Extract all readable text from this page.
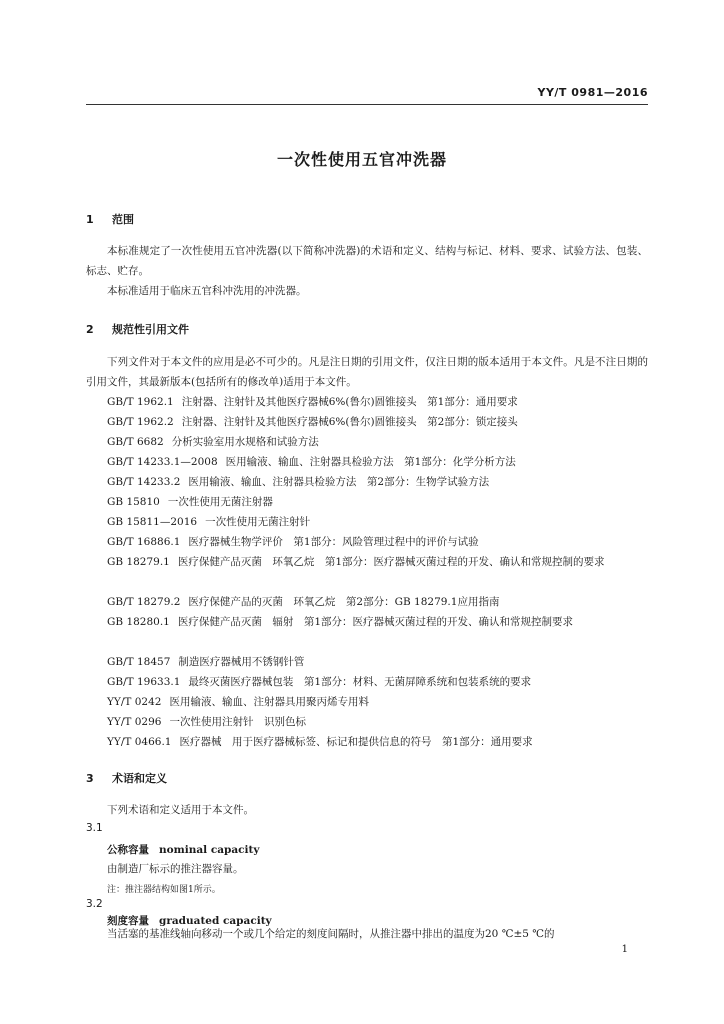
YY/T 0981—2016
一次性使用五官冲洗器
1 范围
本标准规定了一次性使用五官冲洗器(以下简称冲洗器)的术语和定义、结构与标记、材料、要求、试验方法、包装、标志、贮存。
本标准适用于临床五官科冲洗用的冲洗器。
2 规范性引用文件
下列文件对于本文件的应用是必不可少的。凡是注日期的引用文件，仅注日期的版本适用于本文件。凡是不注日期的引用文件，其最新版本(包括所有的修改单)适用于本文件。
GB/T 1962.1 注射器、注射针及其他医疗器械6%(鲁尔)圆锥接头　第1部分：通用要求
GB/T 1962.2 注射器、注射针及其他医疗器械6%(鲁尔)圆锥接头　第2部分：锁定接头
GB/T 6682 分析实验室用水规格和试验方法
GB/T 14233.1—2008 医用输液、输血、注射器具检验方法　第1部分：化学分析方法
GB/T 14233.2 医用输液、输血、注射器具检验方法　第2部分：生物学试验方法
GB 15810 一次性使用无菌注射器
GB 15811—2016 一次性使用无菌注射针
GB/T 16886.1 医疗器械生物学评价　第1部分：风险管理过程中的评价与试验
GB 18279.1 医疗保健产品灭菌　环氧乙烷　第1部分：医疗器械灭菌过程的开发、确认和常规控制的要求
GB/T 18279.2 医疗保健产品的灭菌　环氧乙烷　第2部分：GB 18279.1应用指南
GB 18280.1 医疗保健产品灭菌　辐射　第1部分：医疗器械灭菌过程的开发、确认和常规控制要求
GB/T 18457 制造医疗器械用不锈钢针管
GB/T 19633.1 最终灭菌医疗器械包装　第1部分：材料、无菌屏障系统和包装系统的要求
YY/T 0242 医用输液、输血、注射器具用聚丙烯专用料
YY/T 0296 一次性使用注射针　识别色标
YY/T 0466.1 医疗器械　用于医疗器械标签、标记和提供信息的符号　第1部分：通用要求
3 术语和定义
下列术语和定义适用于本文件。
3.1
公称容量 nominal capacity
由制造厂标示的推注器容量。
注：推注器结构如图1所示。
3.2
刻度容量 graduated capacity
当活塞的基准线轴向移动一个或几个给定的刻度间隔时，从推注器中排出的温度为20 ℃±5 ℃的
1
